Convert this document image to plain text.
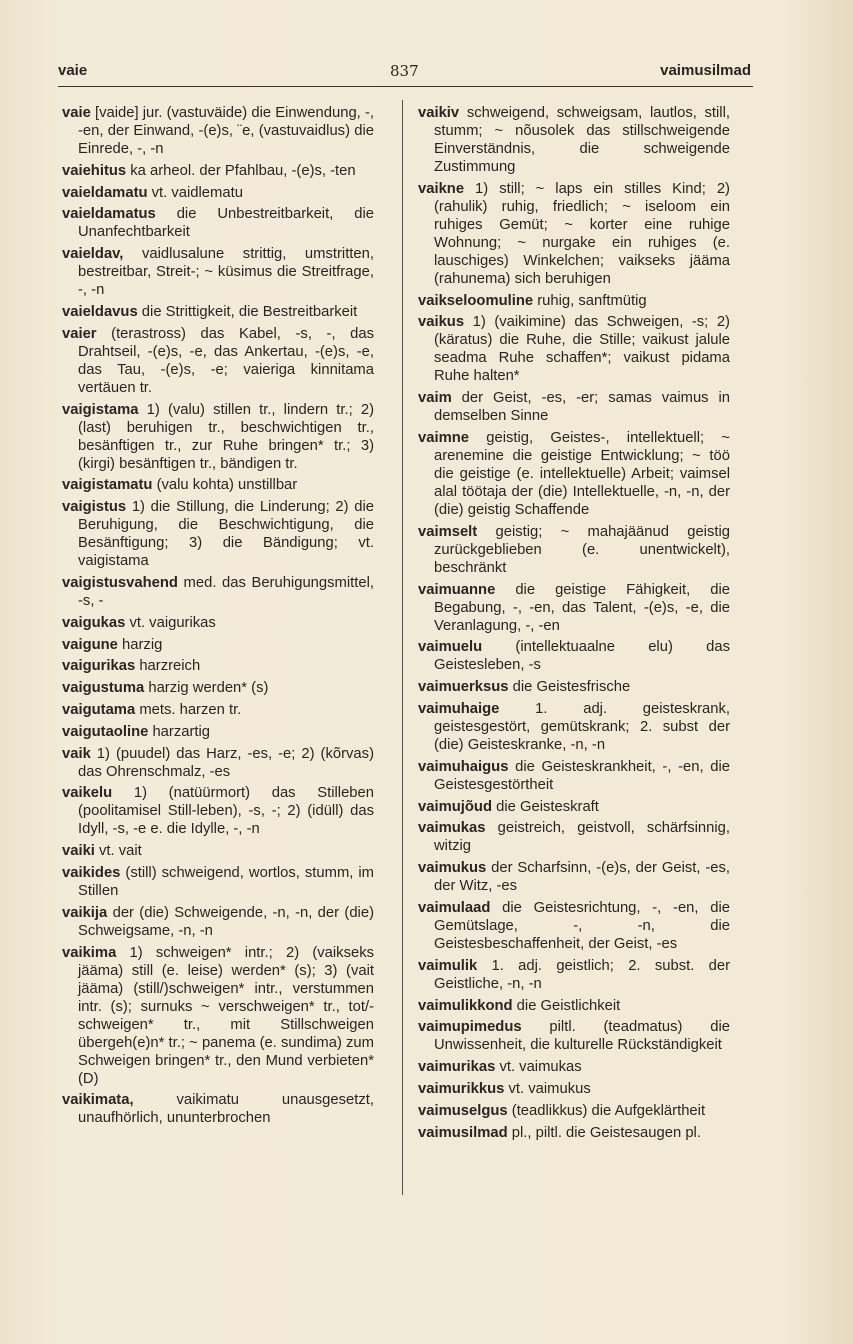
vaie	837	vaimusilmad
vaie [vaide] jur. (vastuväide) die Einwendung, -, -en, der Einwand, -(e)s, ¨e, (vastuvaidlus) die Einrede, -, -n
vaiehitus ka arheol. der Pfahlbau, -(e)s, -ten
vaieldamatu vt. vaidlematu
vaieldamatus die Unbestreitbarkeit, die Unanfechtbarkeit
vaieldav, vaidlusalune strittig, umstritten, bestreitbar, Streit-; ~ küsimus die Streitfrage, -, -n
vaieldavus die Strittigkeit, die Bestreitbarkeit
vaier (terastross) das Kabel, -s, -, das Drahtseil, -(e)s, -e, das Ankertau, -(e)s, -e, das Tau, -(e)s, -e; vaieriga kinnitama vertäuen tr.
vaigistama 1) (valu) stillen tr., lindern tr.; 2) (last) beruhigen tr., beschwichtigen tr., besänftigen tr., zur Ruhe bringen* tr.; 3) (kirgi) besänftigen tr., bändigen tr.
vaigistamatu (valu kohta) unstillbar
vaigistus 1) die Stillung, die Linderung; 2) die Beruhigung, die Beschwichtigung, die Besänftigung; 3) die Bändigung; vt. vaigistama
vaigistusvahend med. das Beruhigungsmittel, -s, -
vaigukas vt. vaigurikas
vaigune harzig
vaigurikas harzreich
vaigustuma harzig werden* (s)
vaigutama mets. harzen tr.
vaigutaoline harzartig
vaik 1) (puudel) das Harz, -es, -e; 2) (kõrvas) das Ohrenschmalz, -es
vaikelu 1) (natüürmort) das Stilleben (poolitamisel Still-leben), -s, -; 2) (idüll) das Idyll, -s, -e e. die Idylle, -, -n
vaiki vt. vait
vaikides (still) schweigend, wortlos, stumm, im Stillen
vaikija der (die) Schweigende, -n, -n, der (die) Schweigsame, -n, -n
vaikima 1) schweigen* intr.; 2) (vaikseks jääma) still (e. leise) werden* (s); 3) (vait jääma) (still/)schweigen* intr., verstummen intr. (s); surnuks ~ verschweigen* tr., tot/-schweigen* tr., mit Stillschweigen übergeh(e)n* tr.; ~ panema (e. sundima) zum Schweigen bringen* tr., den Mund verbieten* (D)
vaikimata, vaikimatu unausgesetzt, unaufhörlich, ununterbrochen
vaikiv schweigend, schweigsam, lautlos, still, stumm; ~ nõusolek das stillschweigende Einverständnis, die schweigende Zustimmung
vaikne 1) still; ~ laps ein stilles Kind; 2) (rahulik) ruhig, friedlich; ~ iseloom ein ruhiges Gemüt; ~ korter eine ruhige Wohnung; ~ nurgake ein ruhiges (e. lauschiges) Winkelchen; vaikseks jääma (rahunema) sich beruhigen
vaikseloomuline ruhig, sanftmütig
vaikus 1) (vaikimine) das Schweigen, -s; 2) (käratus) die Ruhe, die Stille; vaikust jalule seadma Ruhe schaffen*; vaikust pidama Ruhe halten*
vaim der Geist, -es, -er; samas vaimus in demselben Sinne
vaimne geistig, Geistes-, intellektuell; ~ arenemine die geistige Entwicklung; ~ töö die geistige (e. intellektuelle) Arbeit; vaimsel alal töötaja der (die) Intellektuelle, -n, -n, der (die) geistig Schaffende
vaimselt geistig; ~ mahajäänud geistig zurückgeblieben (e. unentwickelt), beschränkt
vaimuanne die geistige Fähigkeit, die Begabung, -, -en, das Talent, -(e)s, -e, die Veranlagung, -, -en
vaimuelu (intellektuaalne elu) das Geistesleben, -s
vaimuerksus die Geistesfrische
vaimuhaige 1. adj. geisteskrank, geistesgestört, gemütskrank; 2. subst der (die) Geisteskranke, -n, -n
vaimuhaigus die Geisteskrankheit, -, -en, die Geistesgestörtheit
vaimujõud die Geisteskraft
vaimukas geistreich, geistvoll, schärfsinnig, witzig
vaimukus der Scharfsinn, -(e)s, der Geist, -es, der Witz, -es
vaimulaad die Geistesrichtung, -, -en, die Gemütslage, -, -n, die Geistesbeschaffenheit, der Geist, -es
vaimulik 1. adj. geistlich; 2. subst. der Geistliche, -n, -n
vaimulikkond die Geistlichkeit
vaimupimedus piltl. (teadmatus) die Unwissenheit, die kulturelle Rückständigkeit
vaimurikas vt. vaimukas
vaimurikkus vt. vaimukus
vaimuselgus (teadlikkus) die Aufgeklärtheit
vaimusilmad pl., piltl. die Geistesaugen pl.
